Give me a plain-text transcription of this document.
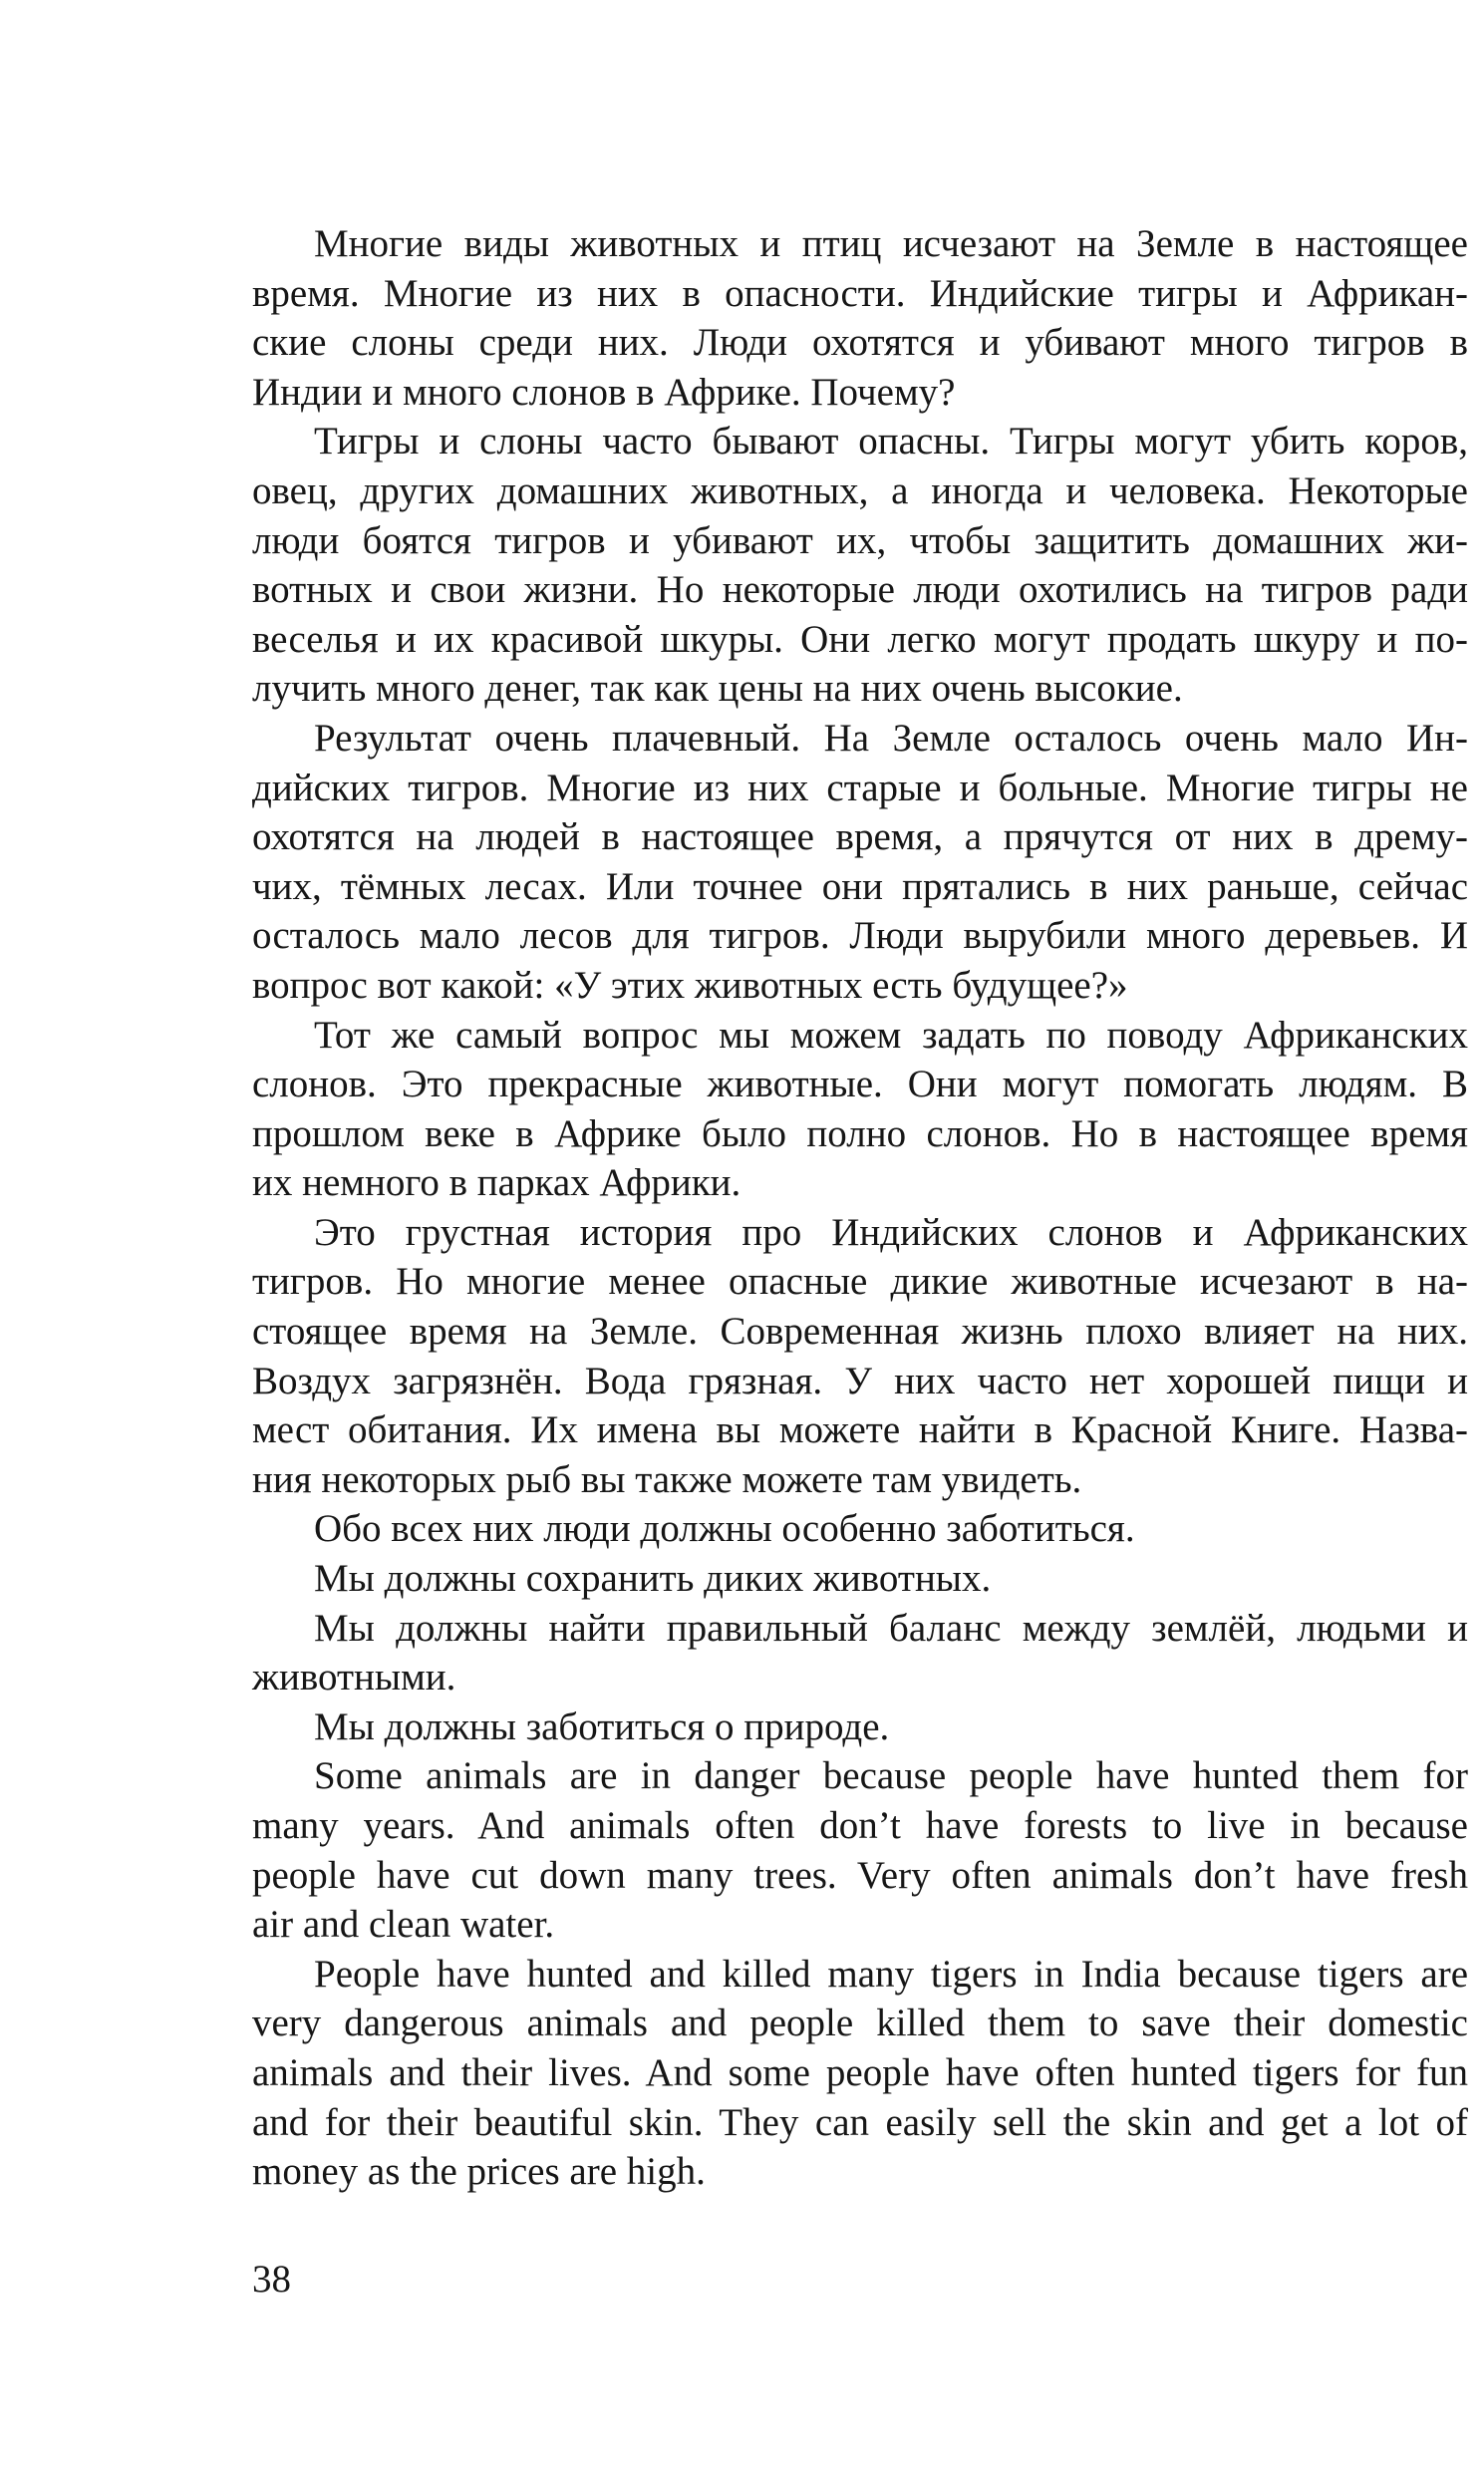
Многие виды животных и птиц исчезают на Земле в настоящее
время. Многие из них в опасности. Индийские тигры и Африкан-
ские слоны среди них. Люди охотятся и убивают много тигров в
Индии и много слонов в Африке. Почему?

Тигры и слоны часто бывают опасны. Тигры могут убить коров,
овец, других домашних животных, а иногда и человека. Некоторые
люди боятся тигров и убивают их, чтобы защитить домашних жи-
вотных и свои жизни. Но некоторые люди охотились на тигров ради
веселья и их красивой шкуры. Они легко могут продать шкуру и по-
лучить много денег, так как цены на них очень высокие.

Результат очень плачевный. На Земле осталось очень мало Ин-
дийских тигров. Многие из них старые и больные. Многие тигры не
охотятся на людей в настоящее время, а прячутся от них в дрему-
чих, тёмных лесах. Или точнее они прятались в них раньше, сейчас
осталось мало лесов для тигров. Люди вырубили много деревьев. И
вопрос вот какой: «У этих животных есть будущее?»

Тот же самый вопрос мы можем задать по поводу Африканских
слонов. Это прекрасные животные. Они могут помогать людям. В
прошлом веке в Африке было полно слонов. Но в настоящее время
их немного в парках Африки.

Это грустная история про Индийских слонов и Африканских
тигров. Но многие менее опасные дикие животные исчезают в на-
стоящее время на Земле. Современная жизнь плохо влияет на них.
Воздух загрязнён. Вода грязная. У них часто нет хорошей пищи и
мест обитания. Их имена вы можете найти в Красной Книге. Назва-
ния некоторых рыб вы также можете там увидеть.

Обо всех них люди должны особенно заботиться.

Мы должны сохранить диких животных.

Мы должны найти правильный баланс между землёй, людьми и
животными.

Мы должны заботиться о природе.

Some animals are in danger because people have hunted them for
many years. And animals often don’t have forests to live in because
people have cut down many trees. Very often animals don’t have fresh
air and clean water.

People have hunted and killed many tigers in India because tigers are
very dangerous animals and people killed them to save their domestic
animals and their lives. And some people have often hunted tigers for fun
and for their beautiful skin. They can easily sell the skin and get a lot of
money as the prices are high.

38
